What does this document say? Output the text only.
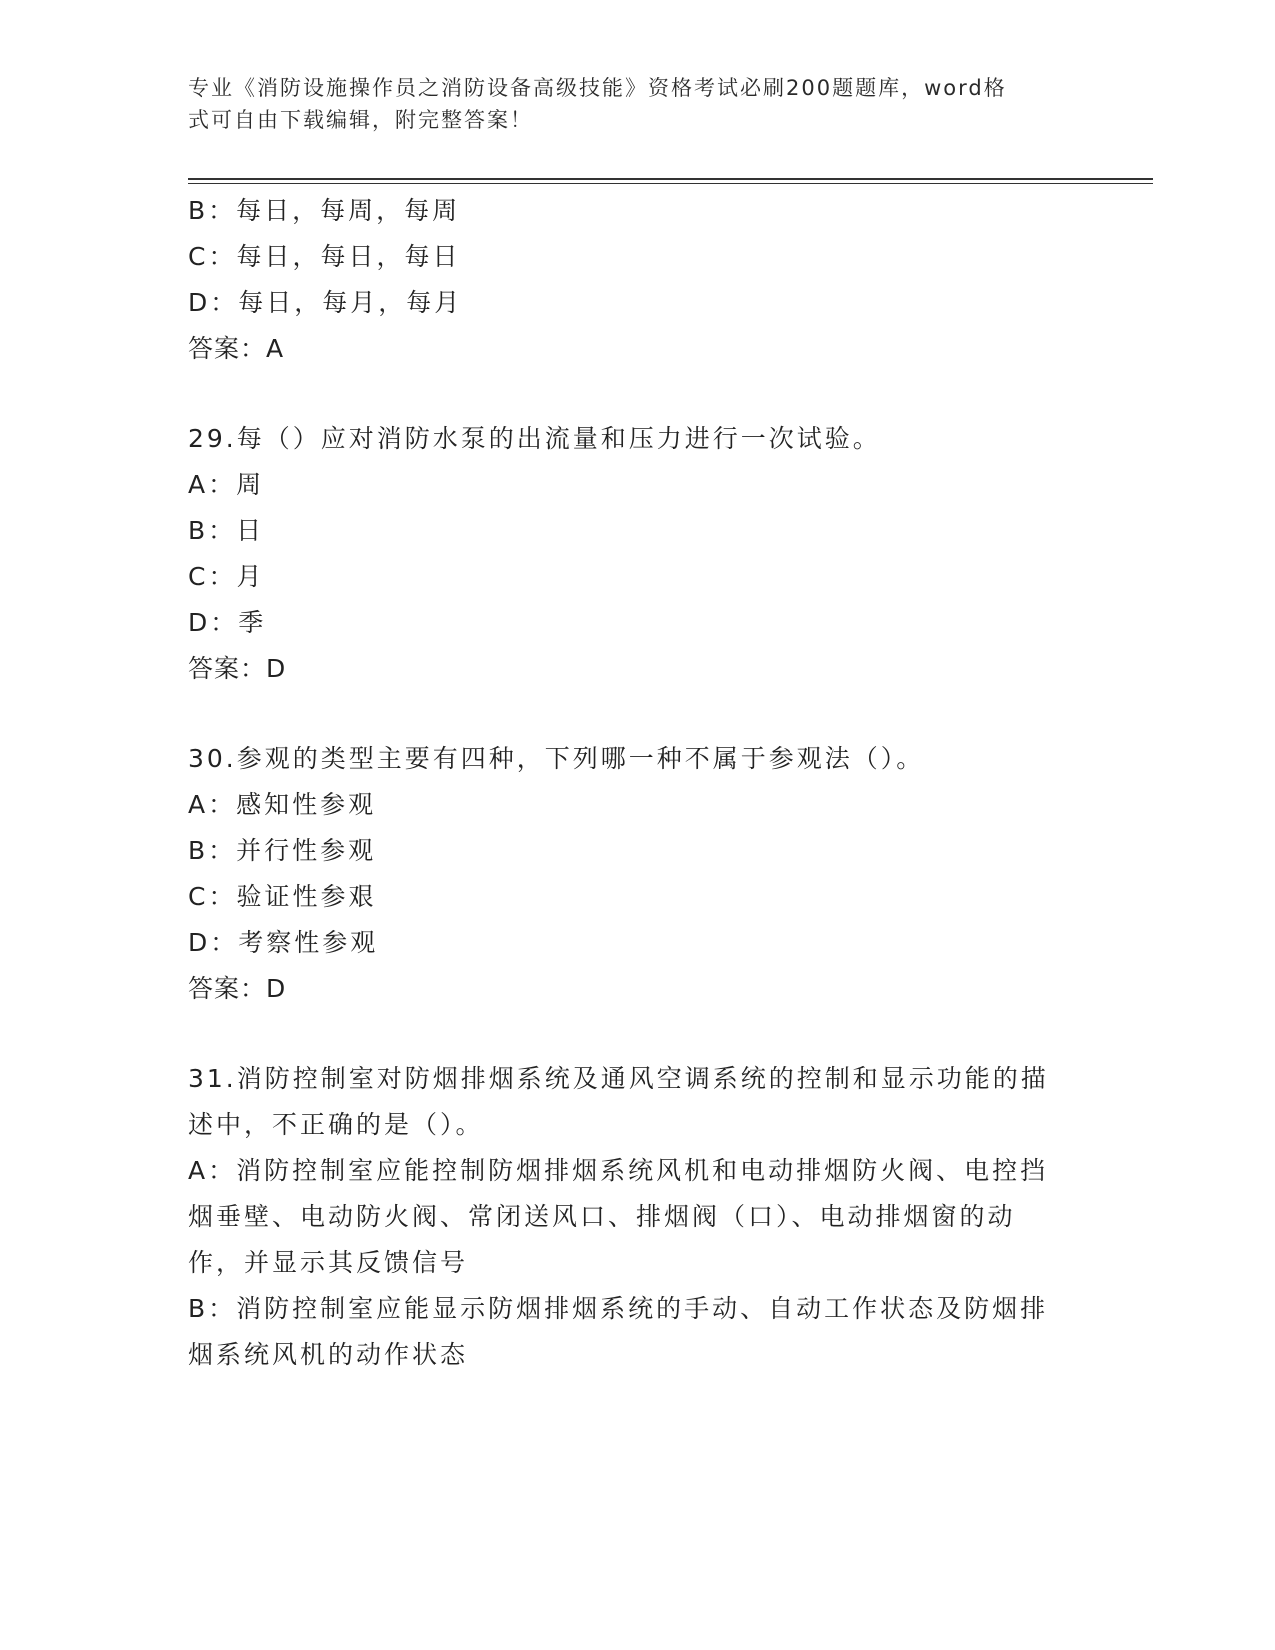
专业《消防设施操作员之消防设备高级技能》资格考试必刷200题题库，word格
式可自由下载编辑，附完整答案！
B：每日，每周，每周
C：每日，每日，每日
D：每日，每月，每月
答案：A
29.每（）应对消防水泵的出流量和压力进行一次试验。
A：周
B：日
C：月
D：季
答案：D
30.参观的类型主要有四种，下列哪一种不属于参观法（）。
A：感知性参观
B：并行性参观
C：验证性参艰
D：考察性参观
答案：D
31.消防控制室对防烟排烟系统及通风空调系统的控制和显示功能的描
述中，不正确的是（）。
A：消防控制室应能控制防烟排烟系统风机和电动排烟防火阀、电控挡
烟垂壁、电动防火阀、常闭送风口、排烟阀（口）、电动排烟窗的动
作，并显示其反馈信号
B：消防控制室应能显示防烟排烟系统的手动、自动工作状态及防烟排
烟系统风机的动作状态
